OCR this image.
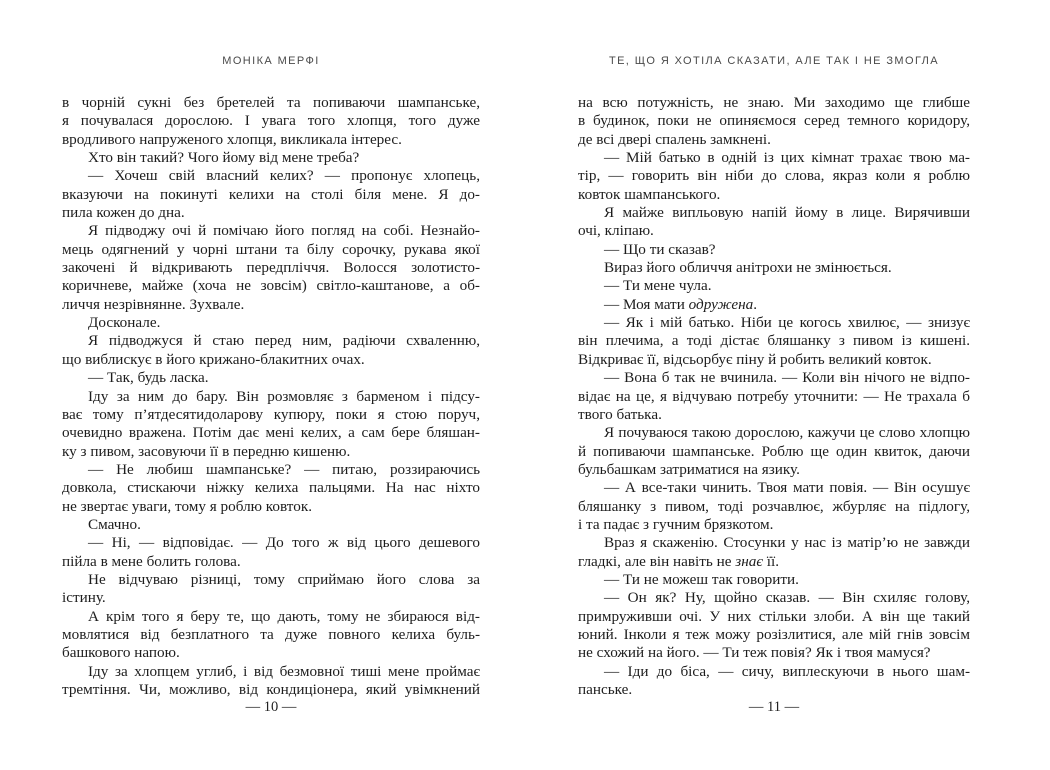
МОНІКА МЕРФІ
в чорній сукні без бретелей та попиваючи шампанське,
я почувалася дорослою. І увага того хлопця, того дуже
вродливого напруженого хлопця, викликала інтерес.
Хто він такий? Чого йому від мене треба?
— Хочеш свій власний келих? — пропонує хлопець,
вказуючи на покинуті келихи на столі біля мене. Я до-
пила кожен до дна.
Я підводжу очі й помічаю його погляд на собі. Незнайо-
мець одягнений у чорні штани та білу сорочку, рукава якої
закочені й відкривають передпліччя. Волосся золотисто-
коричневе, майже (хоча не зовсім) світло-каштанове, а об-
личчя незрівнянне. Зухвале.
Досконале.
Я підводжуся й стаю перед ним, радіючи схваленню,
що виблискує в його крижано-блакитних очах.
— Так, будь ласка.
Іду за ним до бару. Він розмовляє з барменом і підсу-
ває тому п’ятдесятидоларову купюру, поки я стою поруч,
очевидно вражена. Потім дає мені келих, а сам бере бляшан-
ку з пивом, засовуючи її в передню кишеню.
— Не любиш шампанське? — питаю, роззираючись
довкола, стискаючи ніжку келиха пальцями. На нас ніхто
не звертає уваги, тому я роблю ковток.
Смачно.
— Ні, — відповідає. — До того ж від цього дешевого
пійла в мене болить голова.
Не відчуваю різниці, тому сприймаю його слова за
істину.
А крім того я беру те, що дають, тому не збираюся від-
мовлятися від безплатного та дуже повного келиха буль-
башкового напою.
Іду за хлопцем углиб, і від безмовної тиші мене проймає
тремтіння. Чи, можливо, від кондиціонера, який увімкнений
— 10 —
ТЕ, ЩО Я ХОТІЛА СКАЗАТИ, АЛЕ ТАК І НЕ ЗМОГЛА
на всю потужність, не знаю. Ми заходимо ще глибше
в будинок, поки не опиняємося серед темного коридору,
де всі двері спалень замкнені.
— Мій батько в одній із цих кімнат трахає твою ма-
тір, — говорить він ніби до слова, якраз коли я роблю
ковток шампанського.
Я майже випльовую напій йому в лице. Вирячивши
очі, кліпаю.
— Що ти сказав?
Вираз його обличчя анітрохи не змінюється.
— Ти мене чула.
— Моя мати одружена.
— Як і мій батько. Ніби це когось хвилює, — знизує
він плечима, а тоді дістає бляшанку з пивом із кишені.
Відкриває її, відсьорбує піну й робить великий ковток.
— Вона б так не вчинила. — Коли він нічого не відпо-
відає на це, я відчуваю потребу уточнити: — Не трахала б
твого батька.
Я почуваюся такою дорослою, кажучи це слово хлопцю
й попиваючи шампанське. Роблю ще один квиток, даючи
бульбашкам затриматися на язику.
— А все-таки чинить. Твоя мати повія. — Він осушує
бляшанку з пивом, тоді розчавлює, жбурляє на підлогу,
і та падає з гучним брязкотом.
Враз я скаженію. Стосунки у нас із матір’ю не завжди
гладкі, але він навіть не знає її.
— Ти не можеш так говорити.
— Он як? Ну, щойно сказав. — Він схиляє голову,
примруживши очі. У них стільки злоби. А він ще такий
юний. Інколи я теж можу розізлитися, але мій гнів зовсім
не схожий на його. — Ти теж повія? Як і твоя мамуся?
— Іди до біса, — сичу, виплескуючи в нього шам-
панське.
— 11 —
